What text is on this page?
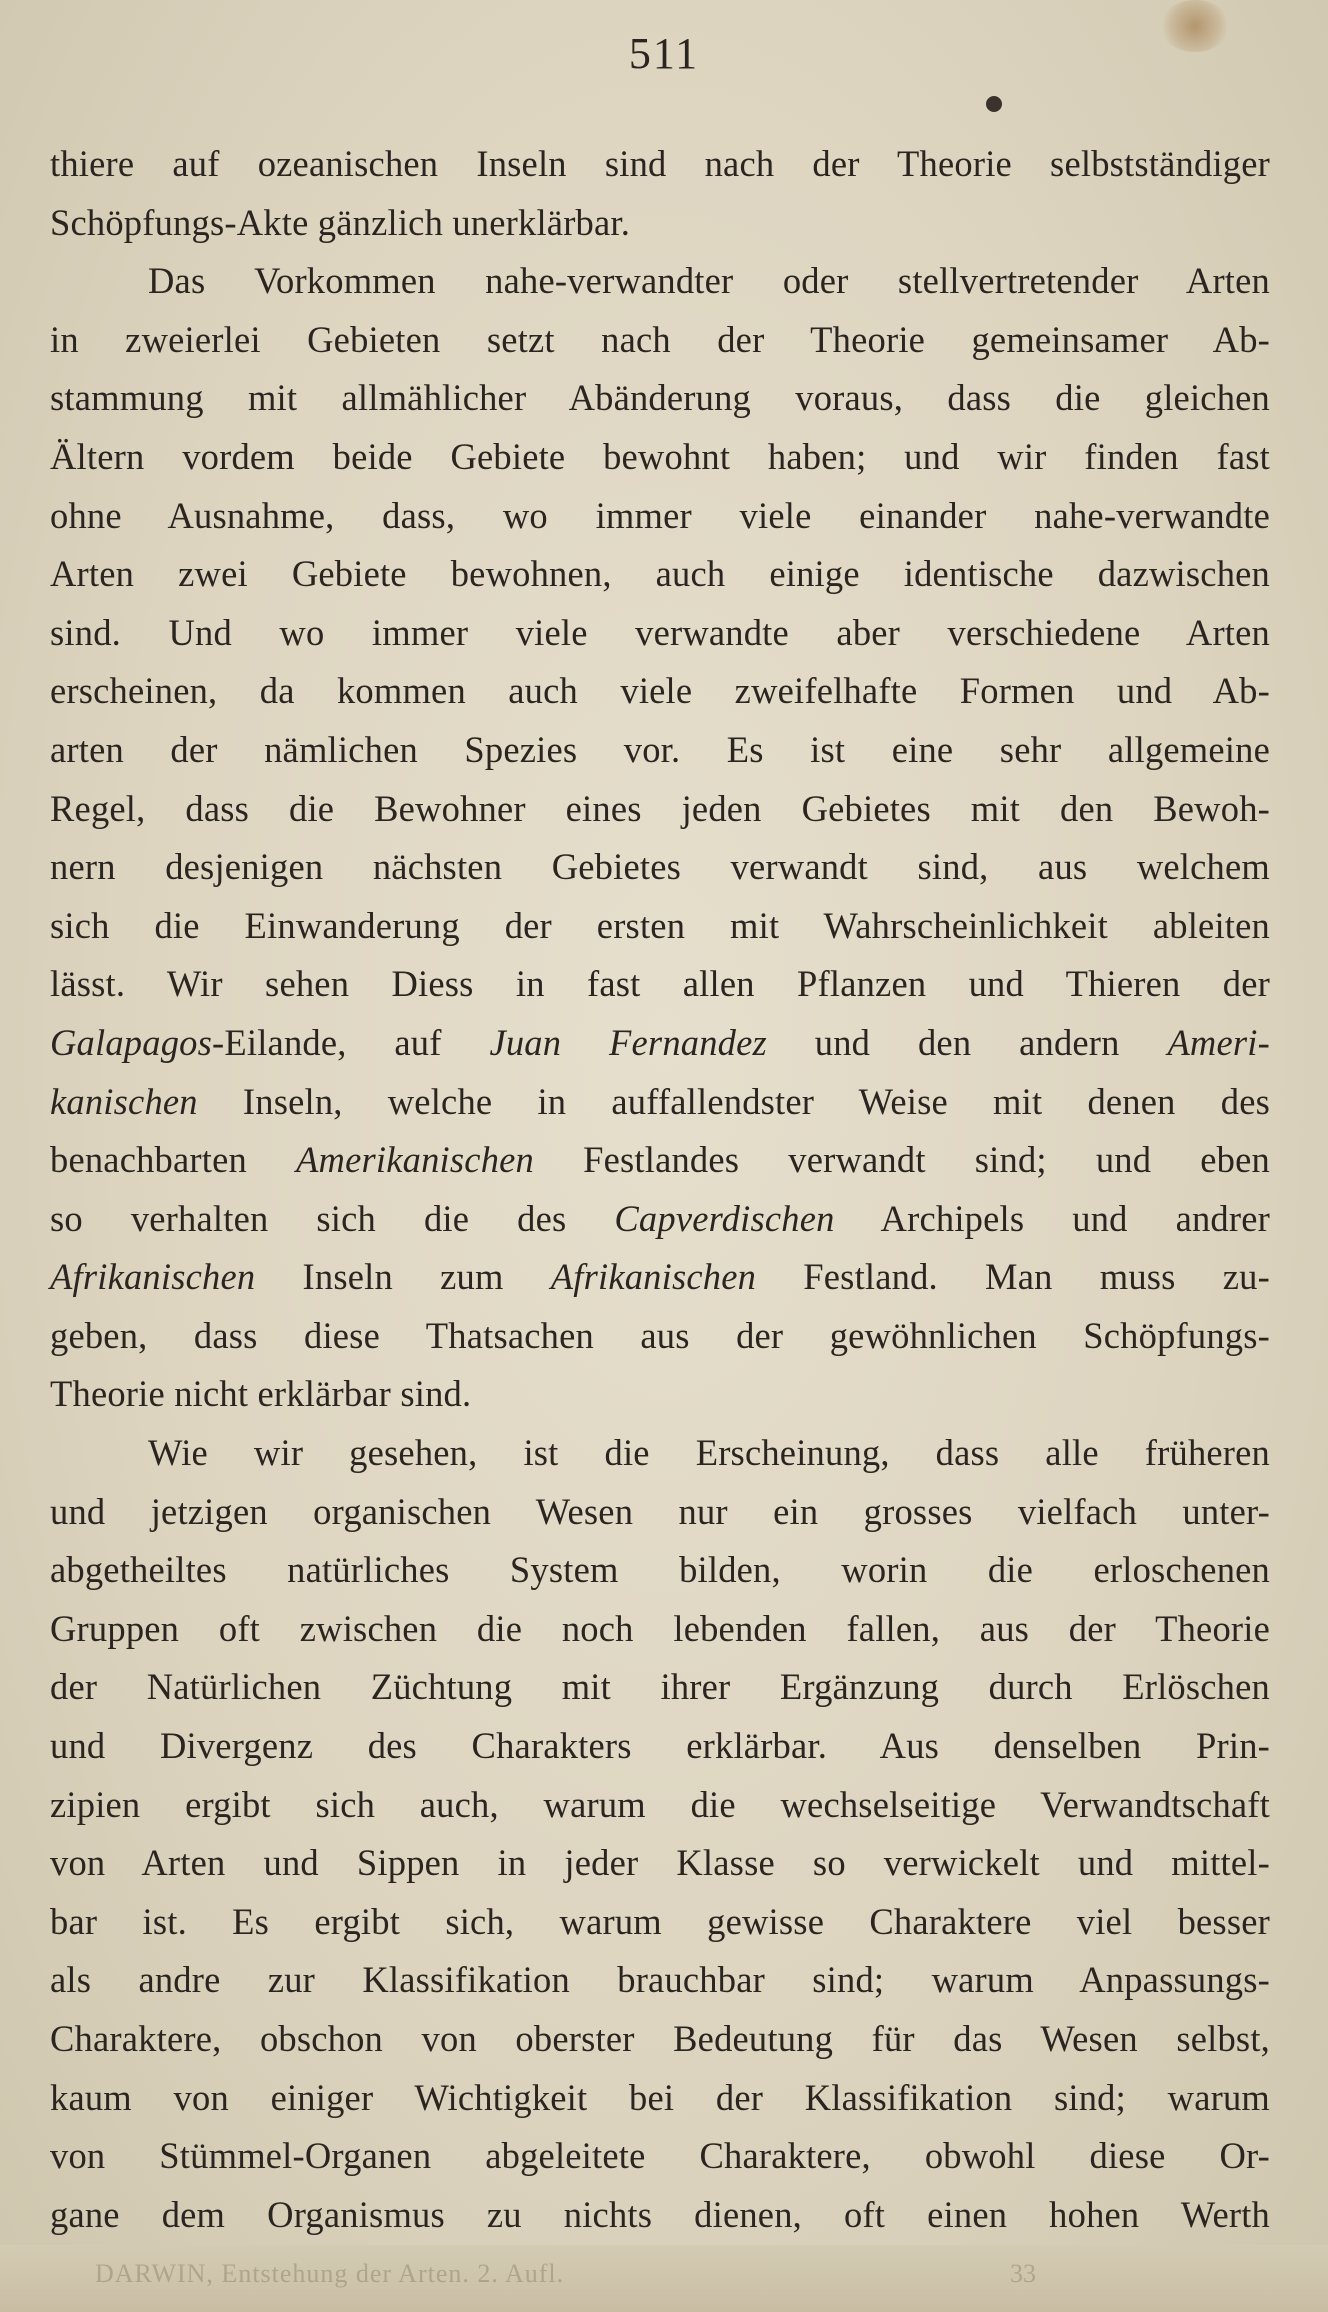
511
thiere auf ozeanischen Inseln sind nach der Theorie selbstständiger
Schöpfungs-Akte gänzlich unerklärbar.
Das Vorkommen nahe-verwandter oder stellvertretender Arten
in zweierlei Gebieten setzt nach der Theorie gemeinsamer Ab-
stammung mit allmählicher Abänderung voraus, dass die gleichen
Ältern vordem beide Gebiete bewohnt haben; und wir finden fast
ohne Ausnahme, dass, wo immer viele einander nahe-verwandte
Arten zwei Gebiete bewohnen, auch einige identische dazwischen
sind. Und wo immer viele verwandte aber verschiedene Arten
erscheinen, da kommen auch viele zweifelhafte Formen und Ab-
arten der nämlichen Spezies vor. Es ist eine sehr allgemeine
Regel, dass die Bewohner eines jeden Gebietes mit den Bewoh-
nern desjenigen nächsten Gebietes verwandt sind, aus welchem
sich die Einwanderung der ersten mit Wahrscheinlichkeit ableiten
lässt. Wir sehen Diess in fast allen Pflanzen und Thieren der
Galapagos-Eilande, auf Juan Fernandez und den andern Ameri-
kanischen Inseln, welche in auffallendster Weise mit denen des
benachbarten Amerikanischen Festlandes verwandt sind; und eben
so verhalten sich die des Capverdischen Archipels und andrer
Afrikanischen Inseln zum Afrikanischen Festland. Man muss zu-
geben, dass diese Thatsachen aus der gewöhnlichen Schöpfungs-
Theorie nicht erklärbar sind.
Wie wir gesehen, ist die Erscheinung, dass alle früheren
und jetzigen organischen Wesen nur ein grosses vielfach unter-
abgetheiltes natürliches System bilden, worin die erloschenen
Gruppen oft zwischen die noch lebenden fallen, aus der Theorie
der Natürlichen Züchtung mit ihrer Ergänzung durch Erlöschen
und Divergenz des Charakters erklärbar. Aus denselben Prin-
zipien ergibt sich auch, warum die wechselseitige Verwandtschaft
von Arten und Sippen in jeder Klasse so verwickelt und mittel-
bar ist. Es ergibt sich, warum gewisse Charaktere viel besser
als andre zur Klassifikation brauchbar sind; warum Anpassungs-
Charaktere, obschon von oberster Bedeutung für das Wesen selbst,
kaum von einiger Wichtigkeit bei der Klassifikation sind; warum
von Stümmel-Organen abgeleitete Charaktere, obwohl diese Or-
gane dem Organismus zu nichts dienen, oft einen hohen Werth
DARWIN, Entstehung der Arten. 2. Aufl.	33
